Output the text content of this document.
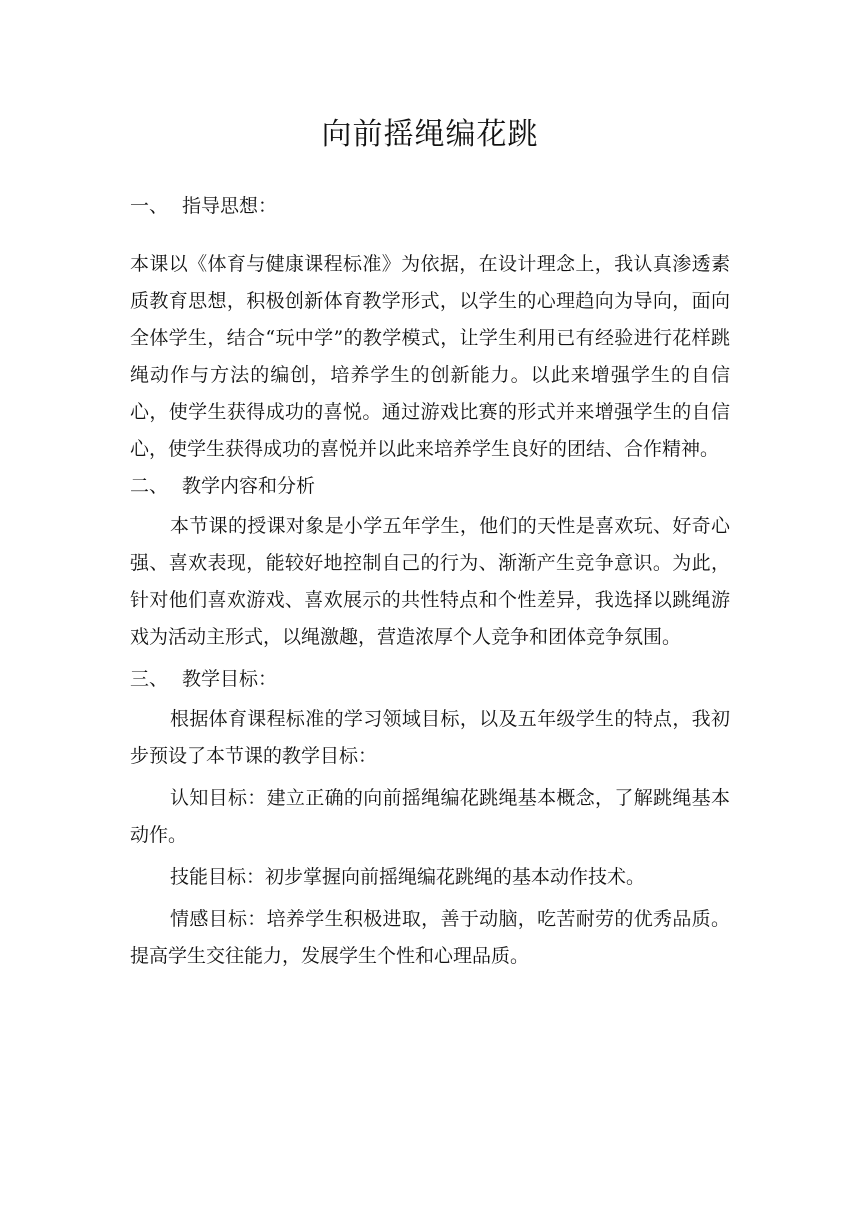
向前摇绳编花跳

一、 指导思想：

本课以《体育与健康课程标准》为依据，在设计理念上，我认真渗透素质教育思想，积极创新体育教学形式，以学生的心理趋向为导向，面向全体学生，结合“玩中学”的教学模式，让学生利用已有经验进行花样跳绳动作与方法的编创，培养学生的创新能力。以此来增强学生的自信心，使学生获得成功的喜悦。通过游戏比赛的形式并来增强学生的自信心，使学生获得成功的喜悦并以此来培养学生良好的团结、合作精神。

二、 教学内容和分析

本节课的授课对象是小学五年学生，他们的天性是喜欢玩、好奇心强、喜欢表现，能较好地控制自己的行为、渐渐产生竞争意识。为此，针对他们喜欢游戏、喜欢展示的共性特点和个性差异，我选择以跳绳游戏为活动主形式，以绳激趣，营造浓厚个人竞争和团体竞争氛围。

三、 教学目标：

根据体育课程标准的学习领域目标，以及五年级学生的特点，我初步预设了本节课的教学目标：

认知目标：建立正确的向前摇绳编花跳绳基本概念，了解跳绳基本动作。

技能目标：初步掌握向前摇绳编花跳绳的基本动作技术。

情感目标：培养学生积极进取，善于动脑，吃苦耐劳的优秀品质。提高学生交往能力，发展学生个性和心理品质。
